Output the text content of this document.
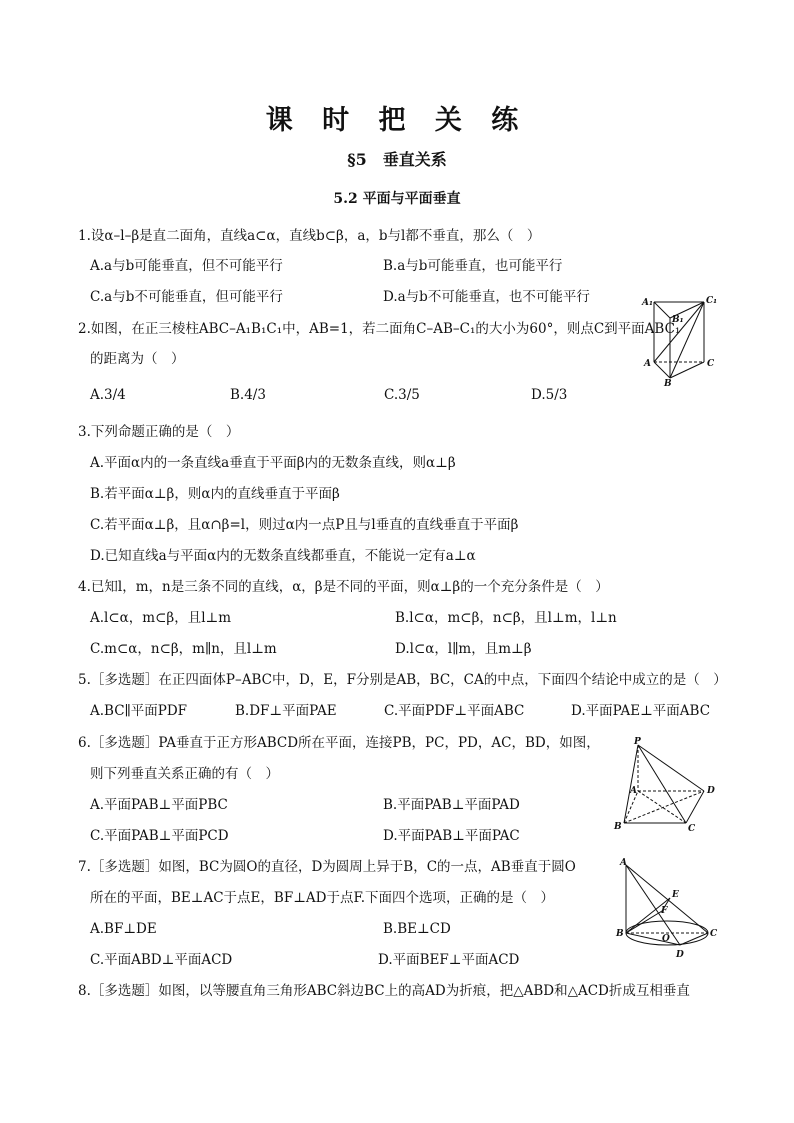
课 时 把 关 练
§5　垂直关系
5.2 平面与平面垂直
1.设α–l–β是直二面角，直线a⊂α，直线b⊂β，a，b与l都不垂直，那么（　）
A.a与b可能垂直，但不可能平行	B.a与b可能垂直，也可能平行
C.a与b不可能垂直，但可能平行	D.a与b不可能垂直，也不可能平行
2.如图，在正三棱柱ABC–A₁B₁C₁中，AB=1，若二面角C–AB–C₁的大小为60°，则点C到平面ABC₁
的距离为（　）
A.3/4	B.4/3	C.3/5	D.5/3
3.下列命题正确的是（　）
A.平面α内的一条直线a垂直于平面β内的无数条直线，则α⊥β
B.若平面α⊥β，则α内的直线垂直于平面β
C.若平面α⊥β，且α∩β=l，则过α内一点P且与l垂直的直线垂直于平面β
D.已知直线a与平面α内的无数条直线都垂直，不能说一定有a⊥α
4.已知l，m，n是三条不同的直线，α，β是不同的平面，则α⊥β的一个充分条件是（　）
A.l⊂α，m⊂β，且l⊥m	B.l⊂α，m⊂β，n⊂β，且l⊥m，l⊥n
C.m⊂α，n⊂β，m∥n，且l⊥m	D.l⊂α，l∥m，且m⊥β
5.［多选题］在正四面体P–ABC中，D，E，F分别是AB，BC，CA的中点，下面四个结论中成立的是（　）
A.BC∥平面PDF	B.DF⊥平面PAE	C.平面PDF⊥平面ABC	D.平面PAE⊥平面ABC
6.［多选题］PA垂直于正方形ABCD所在平面，连接PB，PC，PD，AC，BD，如图，
则下列垂直关系正确的有（　）
A.平面PAB⊥平面PBC	B.平面PAB⊥平面PAD
C.平面PAB⊥平面PCD	D.平面PAB⊥平面PAC
7.［多选题］如图，BC为圆O的直径，D为圆周上异于B，C的一点，AB垂直于圆O
所在的平面，BE⊥AC于点E，BF⊥AD于点F.下面四个选项，正确的是（　）
A.BF⊥DE	B.BE⊥CD
C.平面ABD⊥平面ACD	D.平面BEF⊥平面ACD
8.［多选题］如图，以等腰直角三角形ABC斜边BC上的高AD为折痕，把△ABD和△ACD折成互相垂直
A₁	C₁
B₁
A	C
B
P
A	D
B	C
A
E
F
B	O	C
D
